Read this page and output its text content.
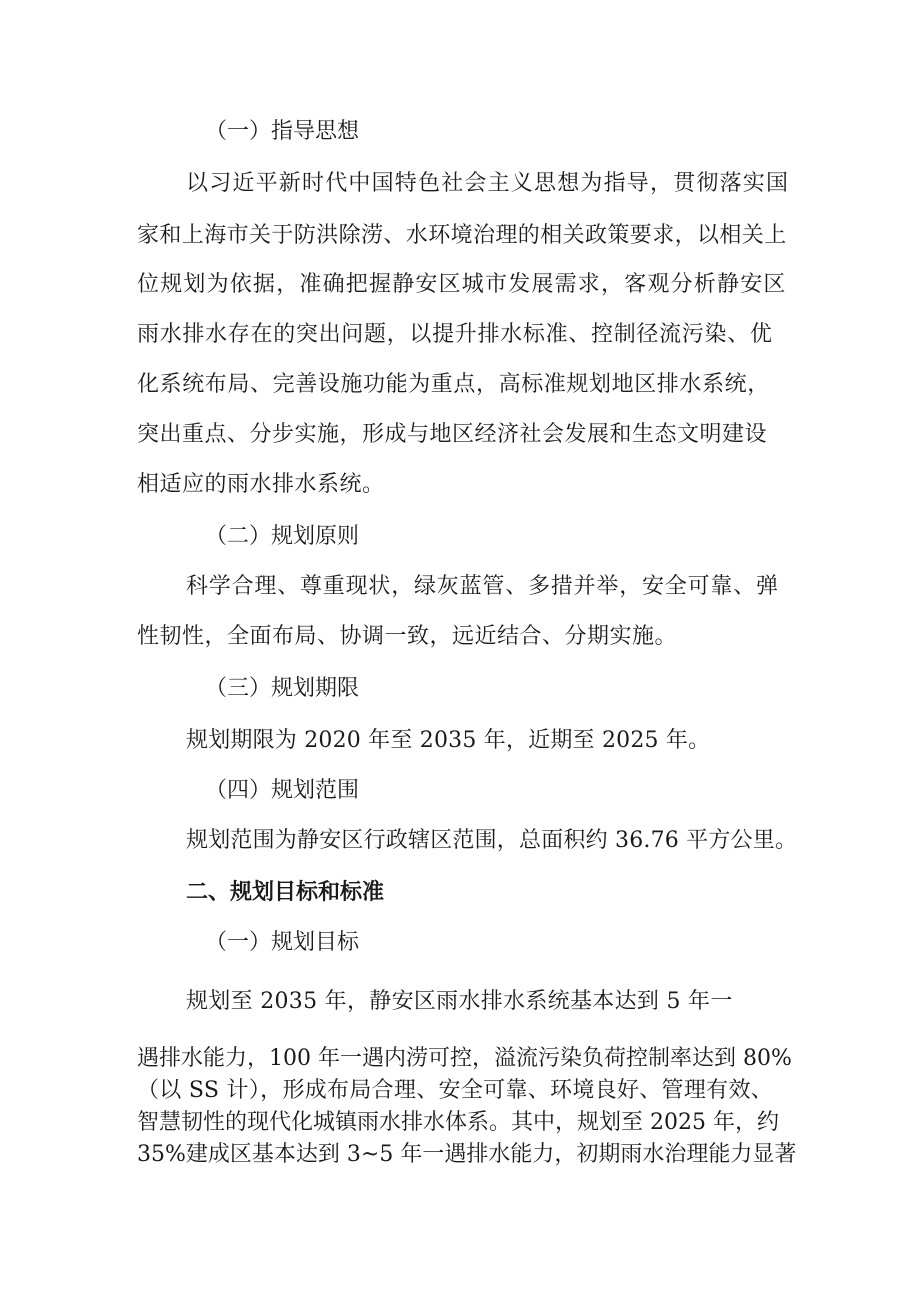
（一）指导思想
以习近平新时代中国特色社会主义思想为指导，贯彻落实国
家和上海市关于防洪除涝、水环境治理的相关政策要求，以相关上
位规划为依据，准确把握静安区城市发展需求，客观分析静安区
雨水排水存在的突出问题，以提升排水标准、控制径流污染、优
化系统布局、完善设施功能为重点，高标准规划地区排水系统，
突出重点、分步实施，形成与地区经济社会发展和生态文明建设
相适应的雨水排水系统。
（二）规划原则
科学合理、尊重现状，绿灰蓝管、多措并举，安全可靠、弹
性韧性，全面布局、协调一致，远近结合、分期实施。
（三）规划期限
规划期限为 2020 年至 2035 年，近期至 2025 年。
（四）规划范围
规划范围为静安区行政辖区范围，总面积约 36.76 平方公里。
二、规划目标和标准
（一）规划目标
规划至 2035 年，静安区雨水排水系统基本达到 5 年一
遇排水能力，100 年一遇内涝可控，溢流污染负荷控制率达到 80%
（以 SS 计），形成布局合理、安全可靠、环境良好、管理有效、
智慧韧性的现代化城镇雨水排水体系。其中，规划至 2025 年，约
35%建成区基本达到 3~5 年一遇排水能力，初期雨水治理能力显著
